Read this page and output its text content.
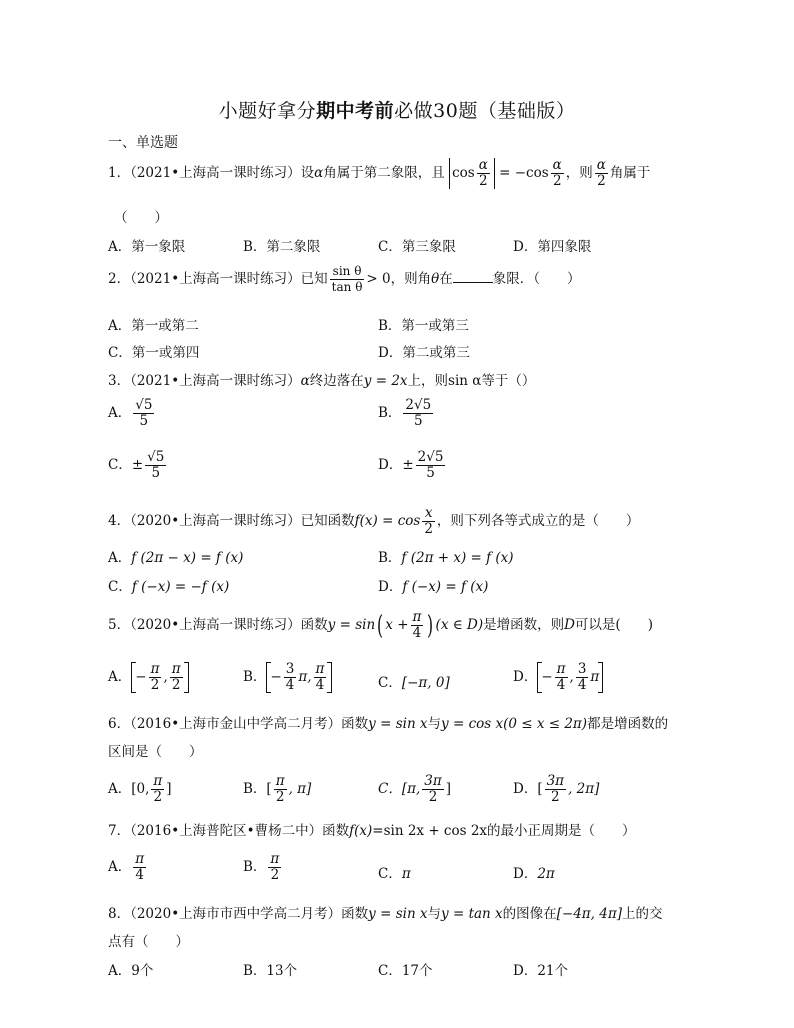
小题好拿分期中考前必做30题（基础版）
一、单选题
1．（2021•上海高一课时练习）设α角属于第二象限，且 $\cos \frac{\alpha}{2} = -\cos \frac{\alpha}{2}$ ，则 $\frac{\alpha}{2}$ 角属于
（　　）
A．第一象限	B．第二象限	C．第三象限	D．第四象限
2．（2021•上海高一课时练习）已知 $\frac{\text{sin θ}}{\text{tan θ}} > 0$，则角θ在	象限．（　　）
A．第一或第二	B．第一或第三
C．第一或第四	D．第二或第三
3．（2021•上海高一课时练习）α终边落在y = 2x上，则sin α等于（）
A． $\frac{√5}{5}$	B． $\frac{2√5}{5}$
C．± $\frac{√5}{5}$	D．± $\frac{2√5}{5}$
4．（2020•上海高一课时练习）已知函数$f(x) = \cos \frac{x}{2}$ ，则下列各等式成立的是（　　）
A．f (2π − x) = f (x)	B．f (2π + x) = f (x)
C．f (−x) = −f (x)	D．f (−x) = f (x)
5．（2020•上海高一课时练习）函数y = sin( $x + \frac{\pi}{4}$ ) (x ∈ D)是增函数，则D可以是(　　)
A． − $\frac{\pi}{2}$ , $\frac{\pi}{2}$	B． − $\frac{3}{4} \pi$, $\frac{\pi}{4}$	C．[−π, 0]	D． − $\frac{\pi}{4}$ , $\frac{3}{4}$ π
6．（2016•上海市金山中学高二月考）函数y = sin x与y = cos x(0 ≤ x ≤ 2π)都是增函数的
区间是（　　）
A．[0, $\frac{\pi}{2}$ ]	B．[ $\frac{\pi}{2}$ , π]	C．[π, $\frac{3\pi}{2}$ ]	D．[ $\frac{3\pi}{2}$ , 2π]
7．（2016•上海普陀区•曹杨二中）函数f(x)=sin 2x + cos 2x的最小正周期是（　　）
A． $\frac{\pi}{4}$	B． $\frac{\pi}{2}$	C．π	D．2π
8．（2020•上海市市西中学高二月考）函数y = sin x与y = tan x的图像在[−4π, 4π]上的交
点有（　　）
A．9个	B．13个	C．17个	D．21个
